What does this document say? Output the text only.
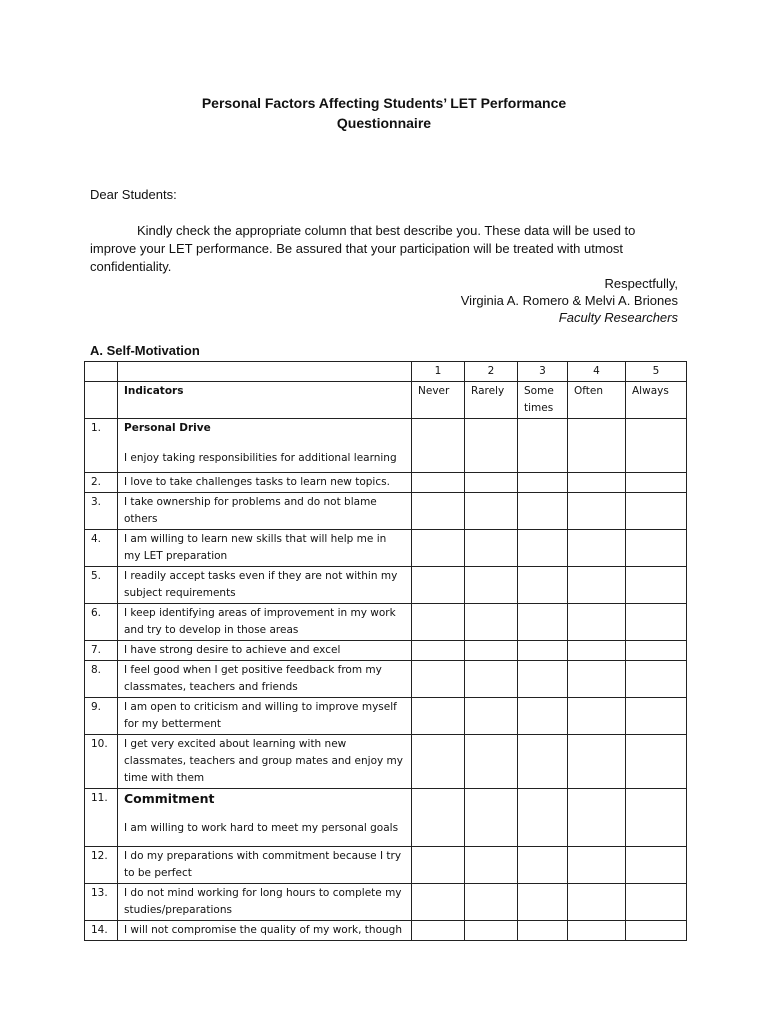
Personal Factors Affecting Students’ LET Performance
Questionnaire
Dear Students:
Kindly check the appropriate column that best describe you. These data will be used to improve your LET performance. Be assured that your participation will be treated with utmost confidentiality.
Respectfully,
Virginia A. Romero & Melvi A. Briones
Faculty Researchers
A. Self-Motivation
		1	2	3	4	5
	Indicators	Never	Rarely	Some times	Often	Always
1.	Personal Drive
I enjoy taking responsibilities for additional learning					

2.	I love to take challenges tasks to learn new topics.					
3.	I take ownership for problems and do not blame others					
4.	I am willing to learn new skills that will help me in my LET preparation					
5.	I readily accept tasks even if they are not within my subject requirements					
6.	I keep identifying areas of improvement in my work and try to develop in those areas					
7.	I have strong desire to achieve and excel					
8.	I feel good when I get positive feedback from my classmates, teachers and friends					
9.	I am open to criticism and willing to improve myself for my betterment					
10.	I get very excited about learning with new classmates, teachers and group mates and enjoy my time with them					
11.	Commitment
I am willing to work hard to meet my personal goals					

12.	I do my preparations with commitment because I try to be perfect					
13.	I do not mind working for long hours to complete my studies/preparations					
14.	I will not compromise the quality of my work, though					
